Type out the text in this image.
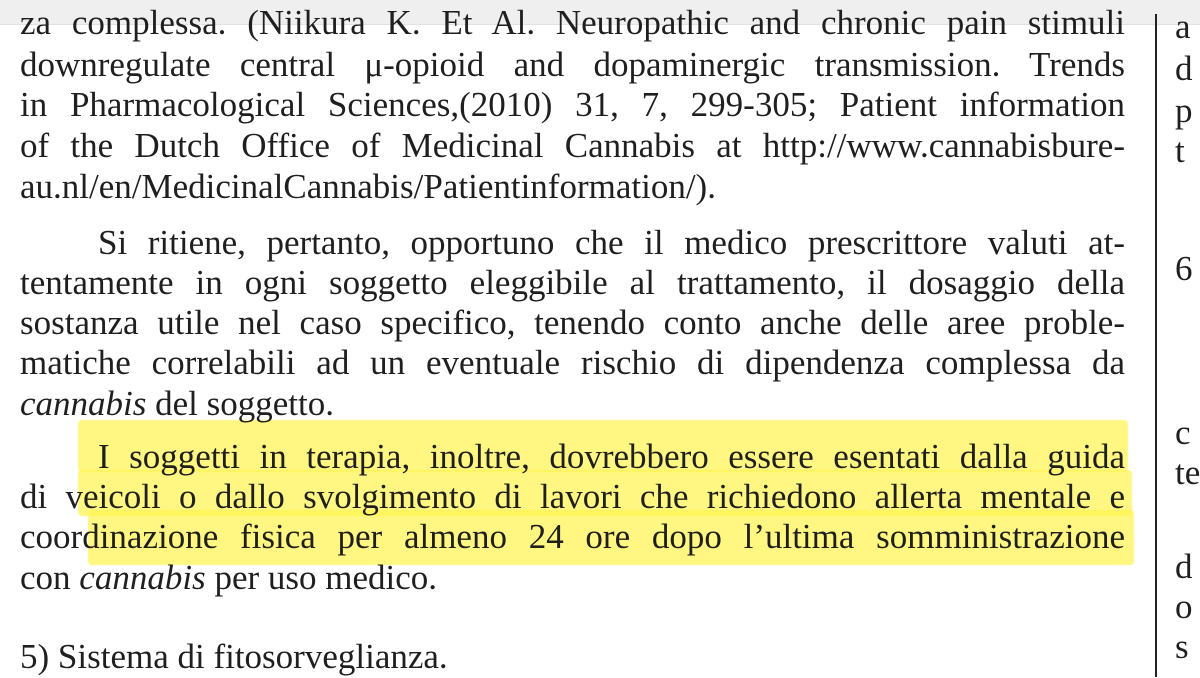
za complessa. (Niikura K. Et Al. Neuropathic and chronic pain stimuli
downregulate central μ-opioid and dopaminergic transmission. Trends
in Pharmacological Sciences,(2010) 31, 7, 299-305; Patient information
of the Dutch Office of Medicinal Cannabis at http://www.cannabisbure-
au.nl/en/MedicinalCannabis/Patientinformation/).
Si ritiene, pertanto, opportuno che il medico prescrittore valuti at-
tentamente in ogni soggetto eleggibile al trattamento, il dosaggio della
sostanza utile nel caso specifico, tenendo conto anche delle aree proble-
matiche correlabili ad un eventuale rischio di dipendenza complessa da
cannabis del soggetto.
I soggetti in terapia, inoltre, dovrebbero essere esentati dalla guida
di veicoli o dallo svolgimento di lavori che richiedono allerta mentale e
coordinazione fisica per almeno 24 ore dopo l’ultima somministrazione
con cannabis per uso medico.
5) Sistema di fitosorveglianza.
a
d
p
t
6
c
te
d
o
s
